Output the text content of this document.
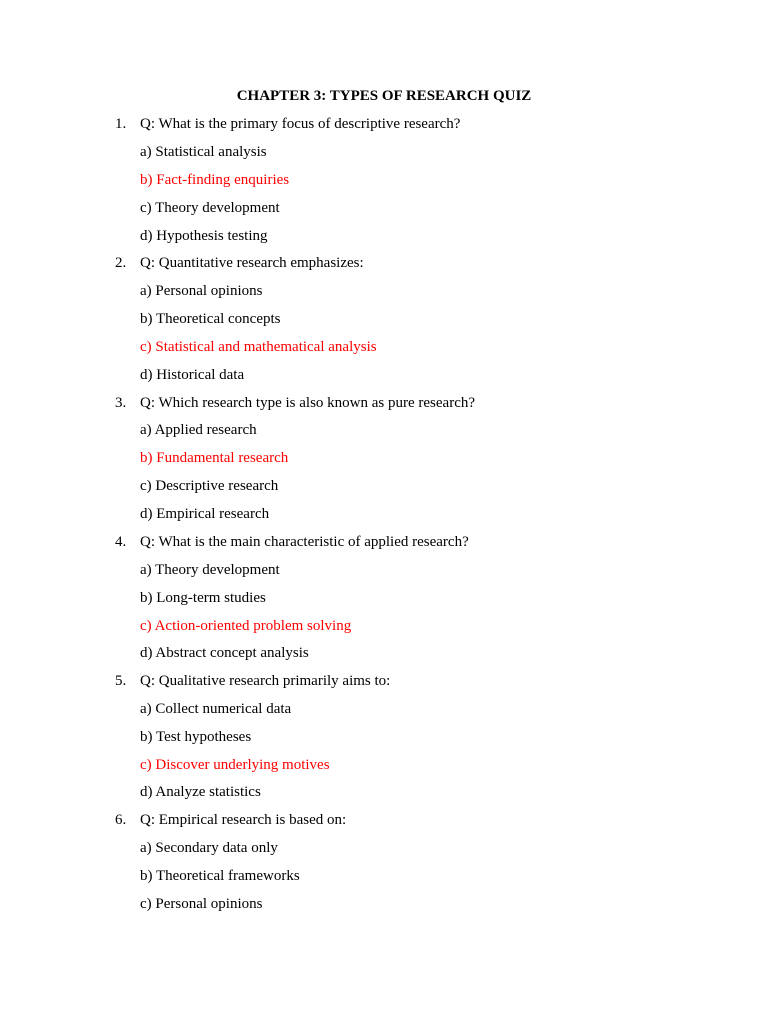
CHAPTER 3: TYPES OF RESEARCH QUIZ
1. Q: What is the primary focus of descriptive research?
a) Statistical analysis
b) Fact-finding enquiries
c) Theory development
d) Hypothesis testing
2. Q: Quantitative research emphasizes:
a) Personal opinions
b) Theoretical concepts
c) Statistical and mathematical analysis
d) Historical data
3. Q: Which research type is also known as pure research?
a) Applied research
b) Fundamental research
c) Descriptive research
d) Empirical research
4. Q: What is the main characteristic of applied research?
a) Theory development
b) Long-term studies
c) Action-oriented problem solving
d) Abstract concept analysis
5. Q: Qualitative research primarily aims to:
a) Collect numerical data
b) Test hypotheses
c) Discover underlying motives
d) Analyze statistics
6. Q: Empirical research is based on:
a) Secondary data only
b) Theoretical frameworks
c) Personal opinions
